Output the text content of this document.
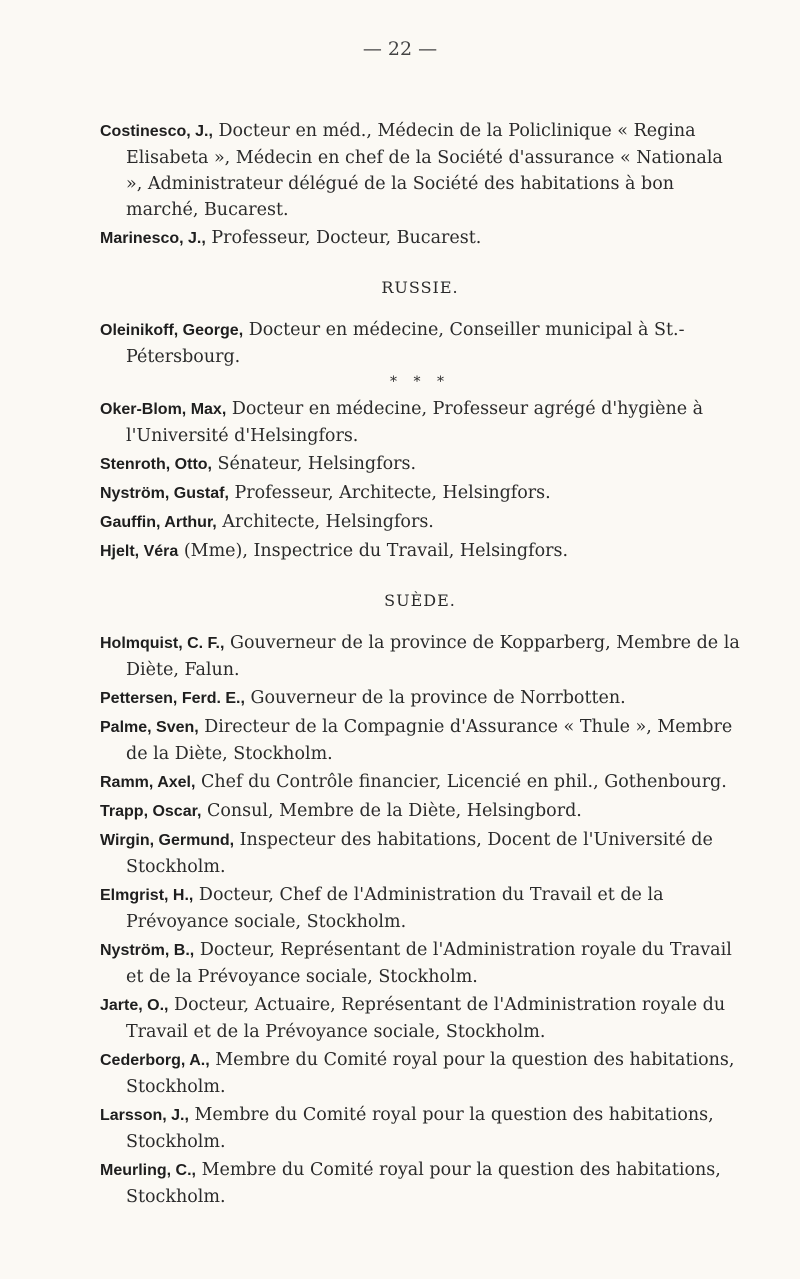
— 22 —

Costinesco, J., Docteur en méd., Médecin de la Policlinique « Regina Elisabeta », Médecin en chef de la Société d'assurance « Nationala », Administrateur délégué de la Société des habitations à bon marché, Bucarest.

Marinesco, J., Professeur, Docteur, Bucarest.

RUSSIE.

Oleinikoff, George, Docteur en médecine, Conseiller municipal à St.-Pétersbourg.

* * *

Oker-Blom, Max, Docteur en médecine, Professeur agrégé d'hygiène à l'Université d'Helsingfors.

Stenroth, Otto, Sénateur, Helsingfors.

Nyström, Gustaf, Professeur, Architecte, Helsingfors.

Gauffin, Arthur, Architecte, Helsingfors.

Hjelt, Véra (Mme), Inspectrice du Travail, Helsingfors.

SUÈDE.

Holmquist, C. F., Gouverneur de la province de Kopparberg, Membre de la Diète, Falun.

Pettersen, Ferd. E., Gouverneur de la province de Norrbotten.

Palme, Sven, Directeur de la Compagnie d'Assurance « Thule », Membre de la Diète, Stockholm.

Ramm, Axel, Chef du Contrôle financier, Licencié en phil., Gothenbourg.

Trapp, Oscar, Consul, Membre de la Diète, Helsingbord.

Wirgin, Germund, Inspecteur des habitations, Docent de l'Université de Stockholm.

Elmgrist, H., Docteur, Chef de l'Administration du Travail et de la Prévoyance sociale, Stockholm.

Nyström, B., Docteur, Représentant de l'Administration royale du Travail et de la Prévoyance sociale, Stockholm.

Jarte, O., Docteur, Actuaire, Représentant de l'Administration royale du Travail et de la Prévoyance sociale, Stockholm.

Cederborg, A., Membre du Comité royal pour la question des habitations, Stockholm.

Larsson, J., Membre du Comité royal pour la question des habitations, Stockholm.

Meurling, C., Membre du Comité royal pour la question des habitations, Stockholm.
